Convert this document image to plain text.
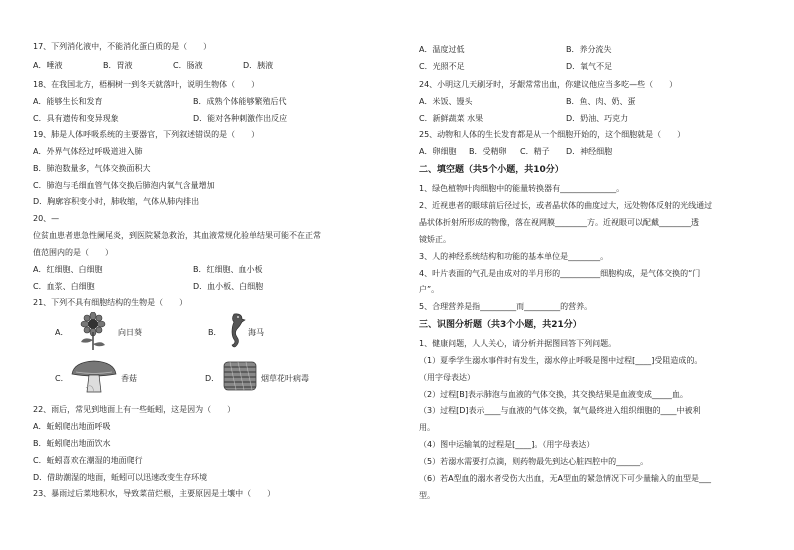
17、下列消化液中，不能消化蛋白质的是（　　）
A．唾液	B．胃液	C．肠液	D．胰液
18、在我国北方，梧桐树一到冬天就落叶，说明生物体（　　）
A．能够生长和发育	B．成熟个体能够繁殖后代
C．具有遗传和变异现象	D．能对各种刺激作出反应
19、肺是人体呼吸系统的主要器官，下列叙述错误的是（　　）
A．外界气体经过呼吸道进入肺
B．肺泡数量多，气体交换面积大
C．肺泡与毛细血管气体交换后肺泡内氧气含量增加
D．胸廓容积变小时，肺收缩，气体从肺内排出
20、—
位贫血患者患急性阑尾炎，到医院紧急救治，其血液常规化验单结果可能不在正常
值范围内的是（　　）
A．红细胞、白细胞	B．红细胞、血小板
C．血浆、白细胞	D．血小板、白细胞
21、下列不具有细胞结构的生物是（　　）
A．	向日葵	B．	海马
C．	香菇	D．	烟草花叶病毒
22、雨后，常见到地面上有一些蚯蚓，这是因为（　　）
A．蚯蚓爬出地面呼吸
B．蚯蚓爬出地面饮水
C．蚯蚓喜欢在潮湿的地面爬行
D．借助潮湿的地面，蚯蚓可以迅速改变生存环境
23、暴雨过后菜地积水，导致菜苗烂根，主要原因是土壤中（　　）
A．温度过低	B．养分流失
C．光照不足	D．氧气不足
24、小明这几天刷牙时，牙龈常常出血，你建议他应当多吃—些（　　）
A．米饭、馒头	B．鱼、肉、奶、蛋
C．新鲜蔬菜 水果	D．奶油、巧克力
25、动物和人体的生长发育都是从一个细胞开始的，这个细胞就是（　　）
A．卵细胞 B．受精卵 C．精子 D．神经细胞
二、填空题（共5个小题，共10分）
1、绿色植物叶肉细胞中的能量转换器有______________。
2、近视患者的眼球前后径过长，或者晶状体的曲度过大，远处物体反射的光线通过
晶状体折射所形成的物像，落在视网膜________方。近视眼可以配戴________透
镜矫正。
3、人的神经系统结构和功能的基本单位是________。
4、叶片表面的气孔是由成对的半月形的__________细胞构成，是气体交换的“门
户”。
5、合理营养是指_________而_________的营养。
三、识图分析题（共3个小题，共21分）
1、健康问题，人人关心，请分析并据图回答下列问题。
（1）夏季学生溺水事件时有发生，溺水停止呼吸是图中过程[____]受阻造成的。
（用字母表达）
（2）过程[B]表示肺泡与血液的气体交换，其交换结果是血液变成_____血。
（3）过程[D]表示____与血液的气体交换，氧气最终进入组织细胞的____中被利
用。
（4）图中运输氧的过程是[____]。（用字母表达）
（5）若溺水需要打点滴，则药物最先到达心脏四腔中的______。
（6）若A型血的溺水者受伤大出血，无A型血的紧急情况下可少量输入的血型是___
型。
